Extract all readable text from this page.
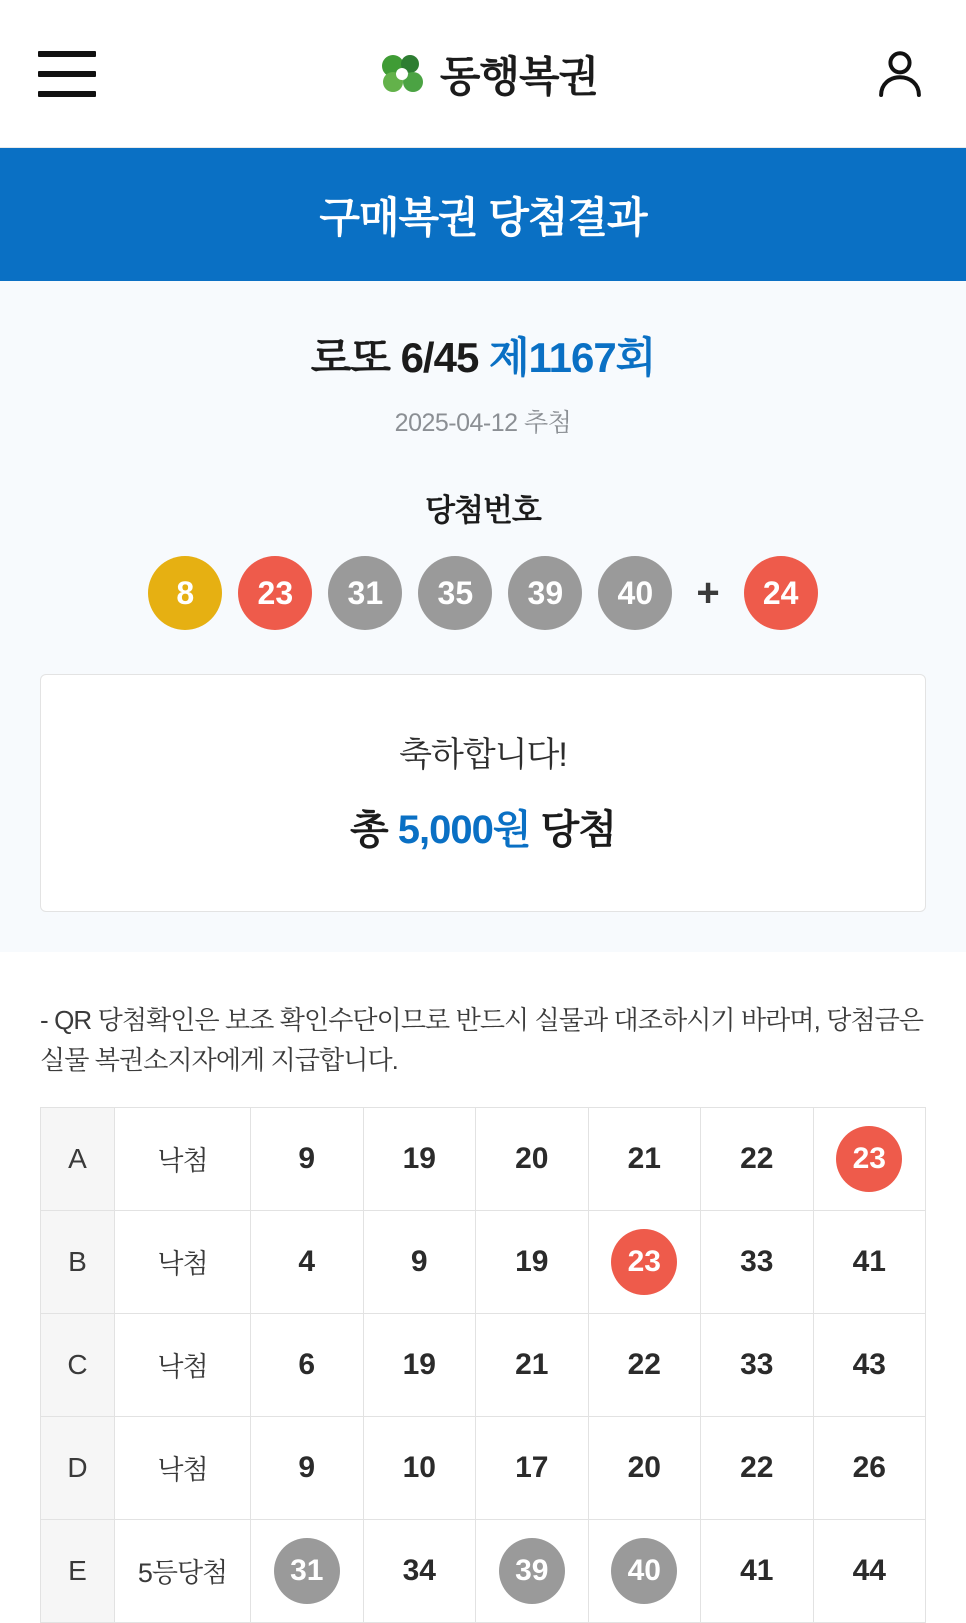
동행복권
구매복권 당첨결과
로또 6/45 제1167회
2025-04-12 추첨
당첨번호
8	23	31	35	39	40	+	24
축하합니다!
총 5,000원 당첨
- QR 당첨확인은 보조 확인수단이므로 반드시 실물과 대조하시기 바라며, 당첨금은 실물 복권소지자에게 지급합니다.
A	낙첨	9	19	20	21	22	23

B	낙첨	4	9	19	23	33	41

C	낙첨	6	19	21	22	33	43

D	낙첨	9	10	17	20	22	26

E	5등당첨	31	34	39	40	41	44
